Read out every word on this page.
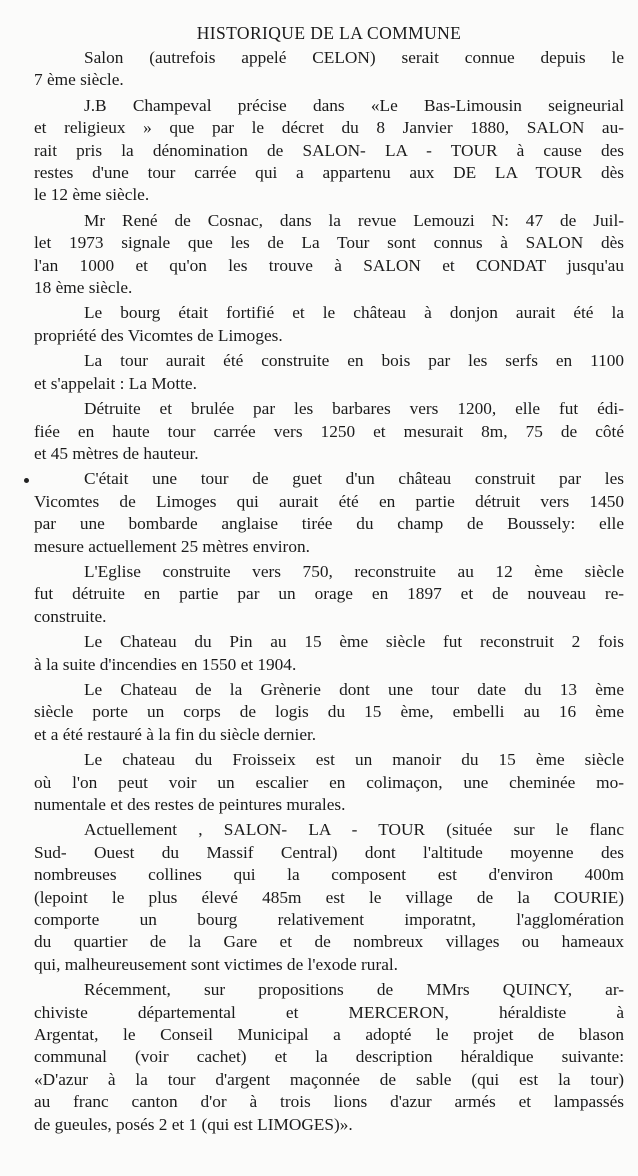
HISTORIQUE DE LA COMMUNE
Salon (autrefois appelé CELON) serait connue depuis le
7 ème siècle.
J.B Champeval précise dans «Le Bas-Limousin seigneurial
et religieux » que par le décret du 8 Janvier 1880, SALON au-
rait pris la dénomination de SALON- LA - TOUR à cause des
restes d'une tour carrée qui a appartenu aux DE LA TOUR dès
le 12 ème siècle.
Mr René de Cosnac, dans la revue Lemouzi N: 47 de Juil-
let 1973 signale que les de La Tour sont connus à SALON dès
l'an 1000 et qu'on les trouve à SALON et CONDAT jusqu'au
18 ème siècle.
Le bourg était fortifié et le château à donjon aurait été la
propriété des Vicomtes de Limoges.
La tour aurait été construite en bois par les serfs en 1100
et s'appelait : La Motte.
Détruite et brulée par les barbares vers 1200, elle fut édi-
fiée en haute tour carrée vers 1250 et mesurait 8m, 75 de côté
et 45 mètres de hauteur.
C'était une tour de guet d'un château construit par les
Vicomtes de Limoges qui aurait été en partie détruit vers 1450
par une bombarde anglaise tirée du champ de Boussely: elle
mesure actuellement 25 mètres environ.
L'Eglise construite vers 750, reconstruite au 12 ème siècle
fut détruite en partie par un orage en 1897 et de nouveau re-
construite.
Le Chateau du Pin au 15 ème siècle fut reconstruit 2 fois
à la suite d'incendies en 1550 et 1904.
Le Chateau de la Grènerie dont une tour date du 13 ème
siècle porte un corps de logis du 15 ème, embelli au 16 ème
et a été restauré à la fin du siècle dernier.
Le chateau du Froisseix est un manoir du 15 ème siècle
où l'on peut voir un escalier en colimaçon, une cheminée mo-
numentale et des restes de peintures murales.
Actuellement , SALON- LA - TOUR (située sur le flanc
Sud- Ouest du Massif Central) dont l'altitude moyenne des
nombreuses collines qui la composent est d'environ 400m
(lepoint le plus élevé 485m est le village de la COURIE)
comporte un bourg relativement imporatnt, l'agglomération
du quartier de la Gare et de nombreux villages ou hameaux
qui, malheureusement sont victimes de l'exode rural.
Récemment, sur propositions de MMrs QUINCY, ar-
chiviste départemental et MERCERON, héraldiste à
Argentat, le Conseil Municipal a adopté le projet de blason
communal (voir cachet) et la description héraldique suivante:
«D'azur à la tour d'argent maçonnée de sable (qui est la tour)
au franc canton d'or à trois lions d'azur armés et lampassés
de gueules, posés 2 et 1 (qui est LIMOGES)».
